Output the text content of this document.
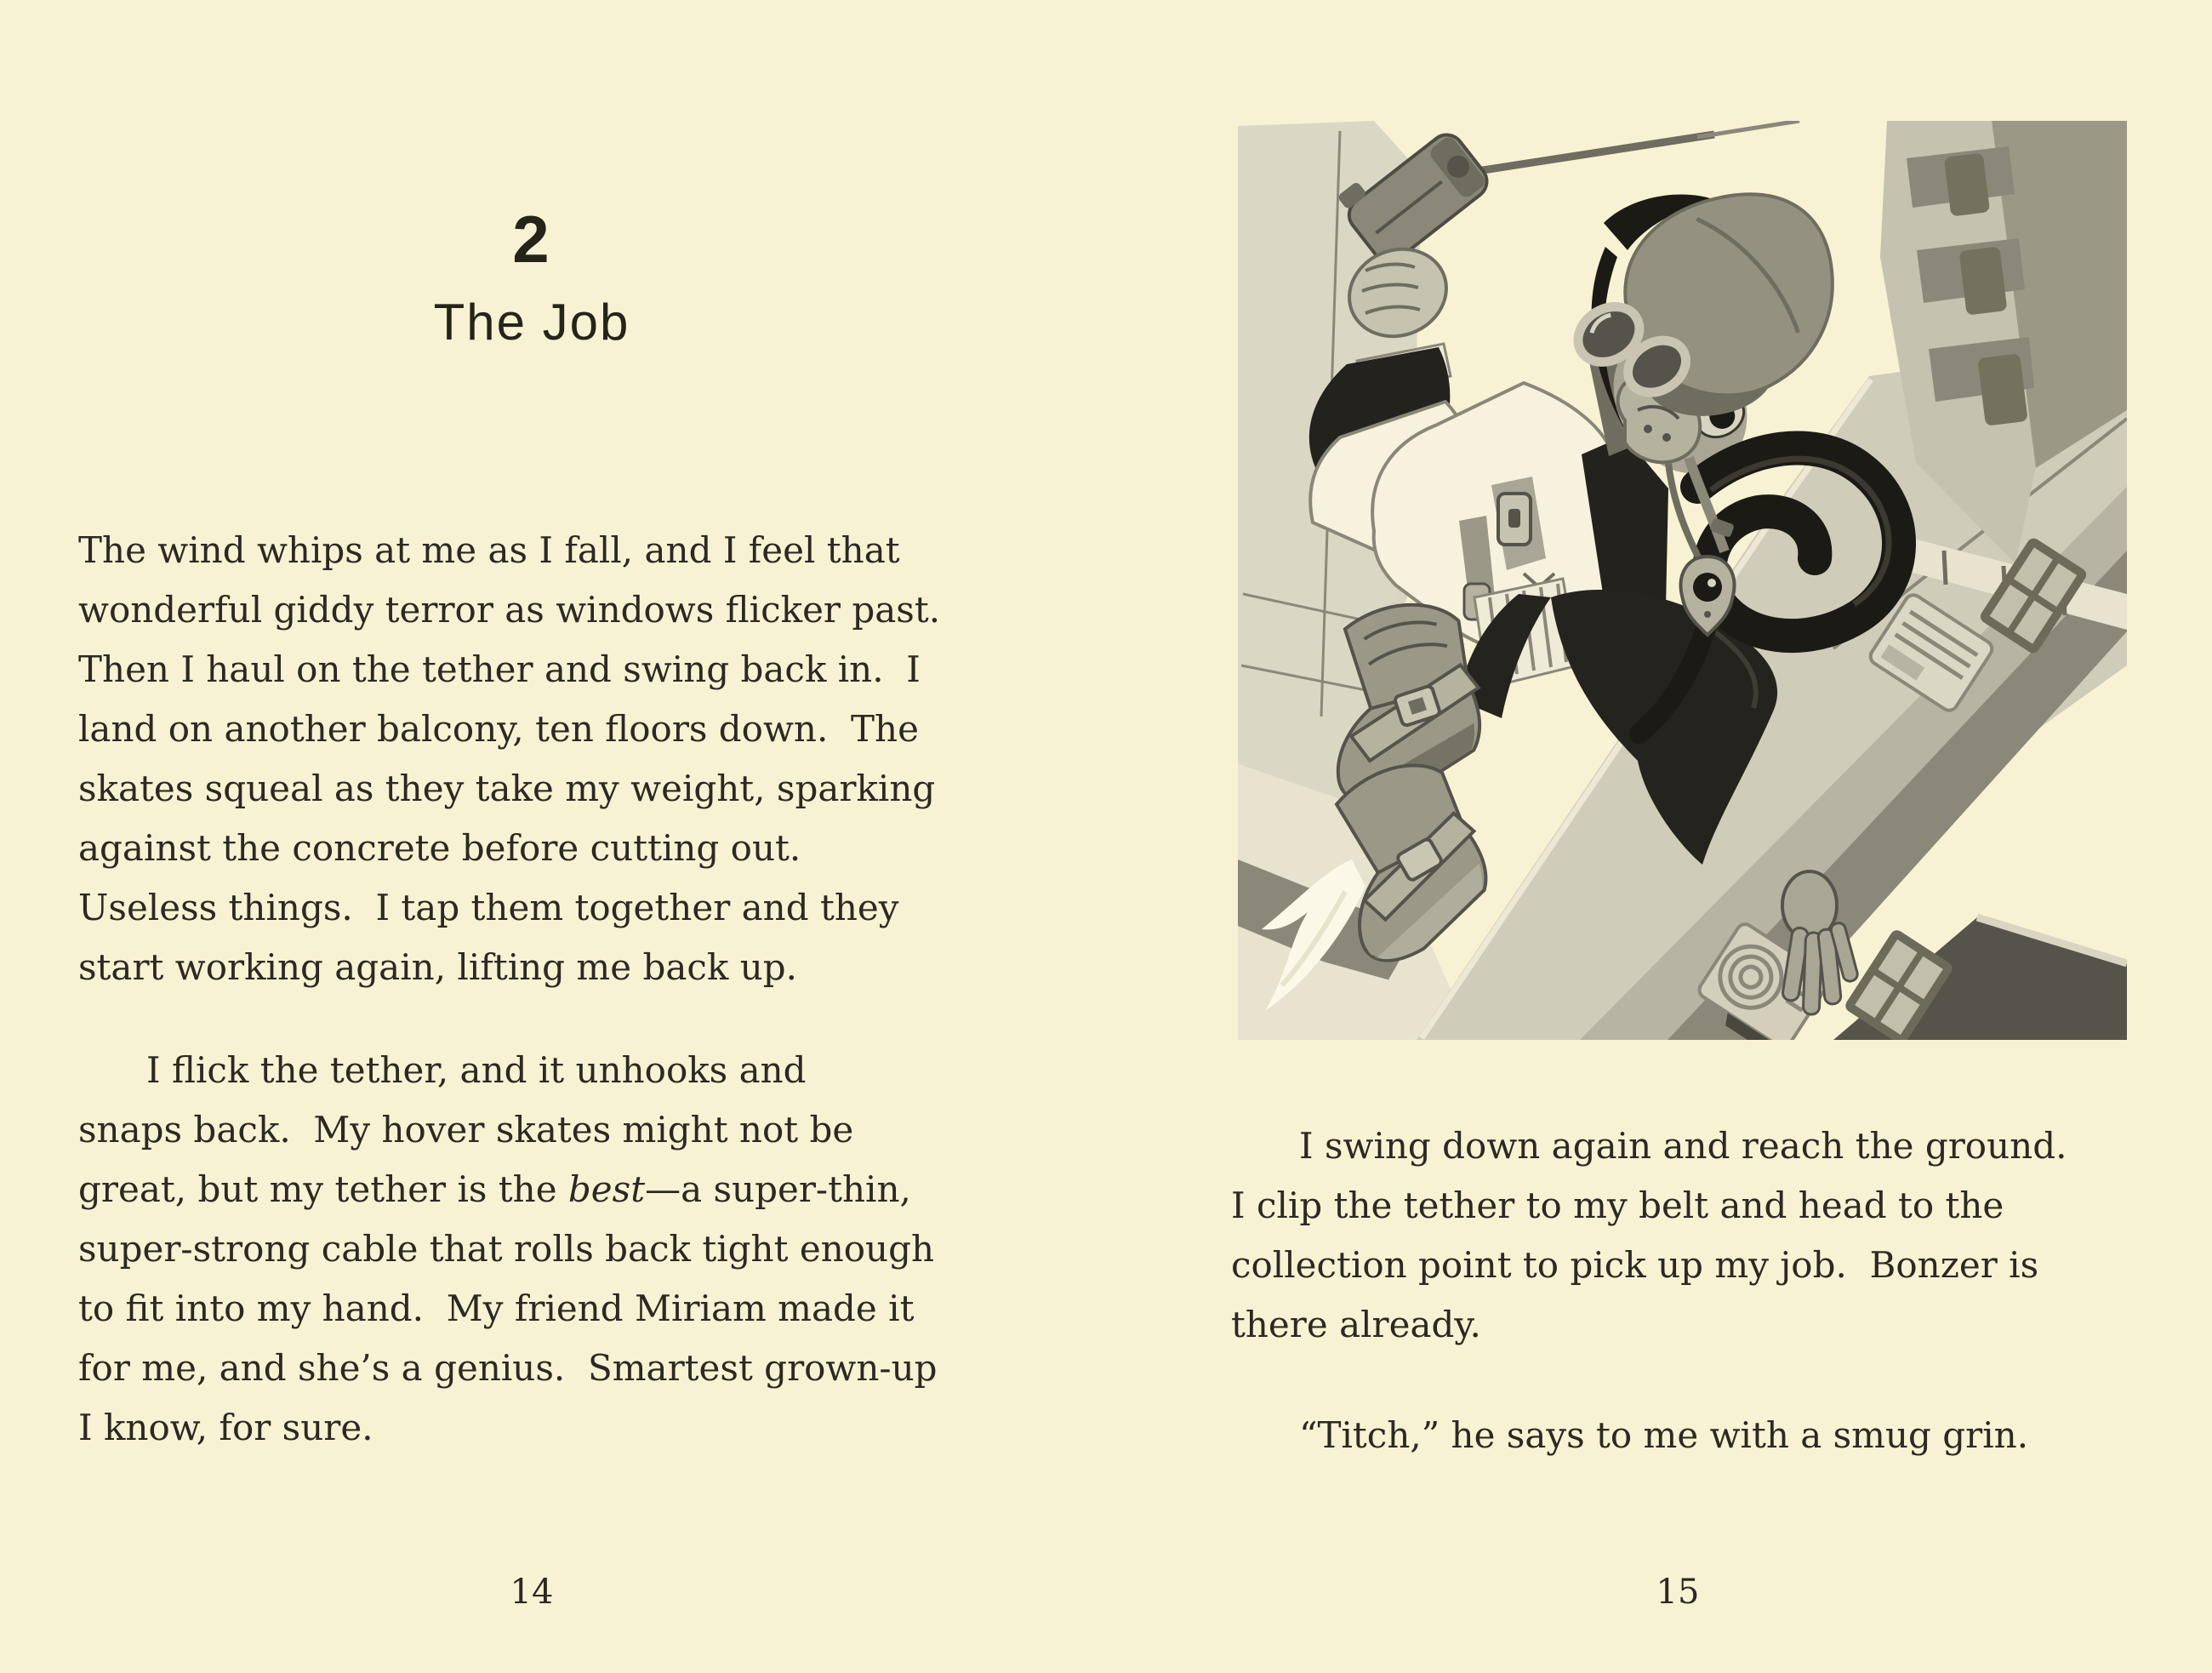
2
The Job
The wind whips at me as I fall, and I feel that
wonderful giddy terror as windows flicker past.
Then I haul on the tether and swing back in.  I
land on another balcony, ten floors down.  The
skates squeal as they take my weight, sparking
against the concrete before cutting out.
Useless things.  I tap them together and they
start working again, lifting me back up.
I flick the tether, and it unhooks and
snaps back.  My hover skates might not be
great, but my tether is the best—a super-thin,
super-strong cable that rolls back tight enough
to fit into my hand.  My friend Miriam made it
for me, and she’s a genius.  Smartest grown-up
I know, for sure.
14
I swing down again and reach the ground.
I clip the tether to my belt and head to the
collection point to pick up my job.  Bonzer is
there already.
“Titch,” he says to me with a smug grin.
15
